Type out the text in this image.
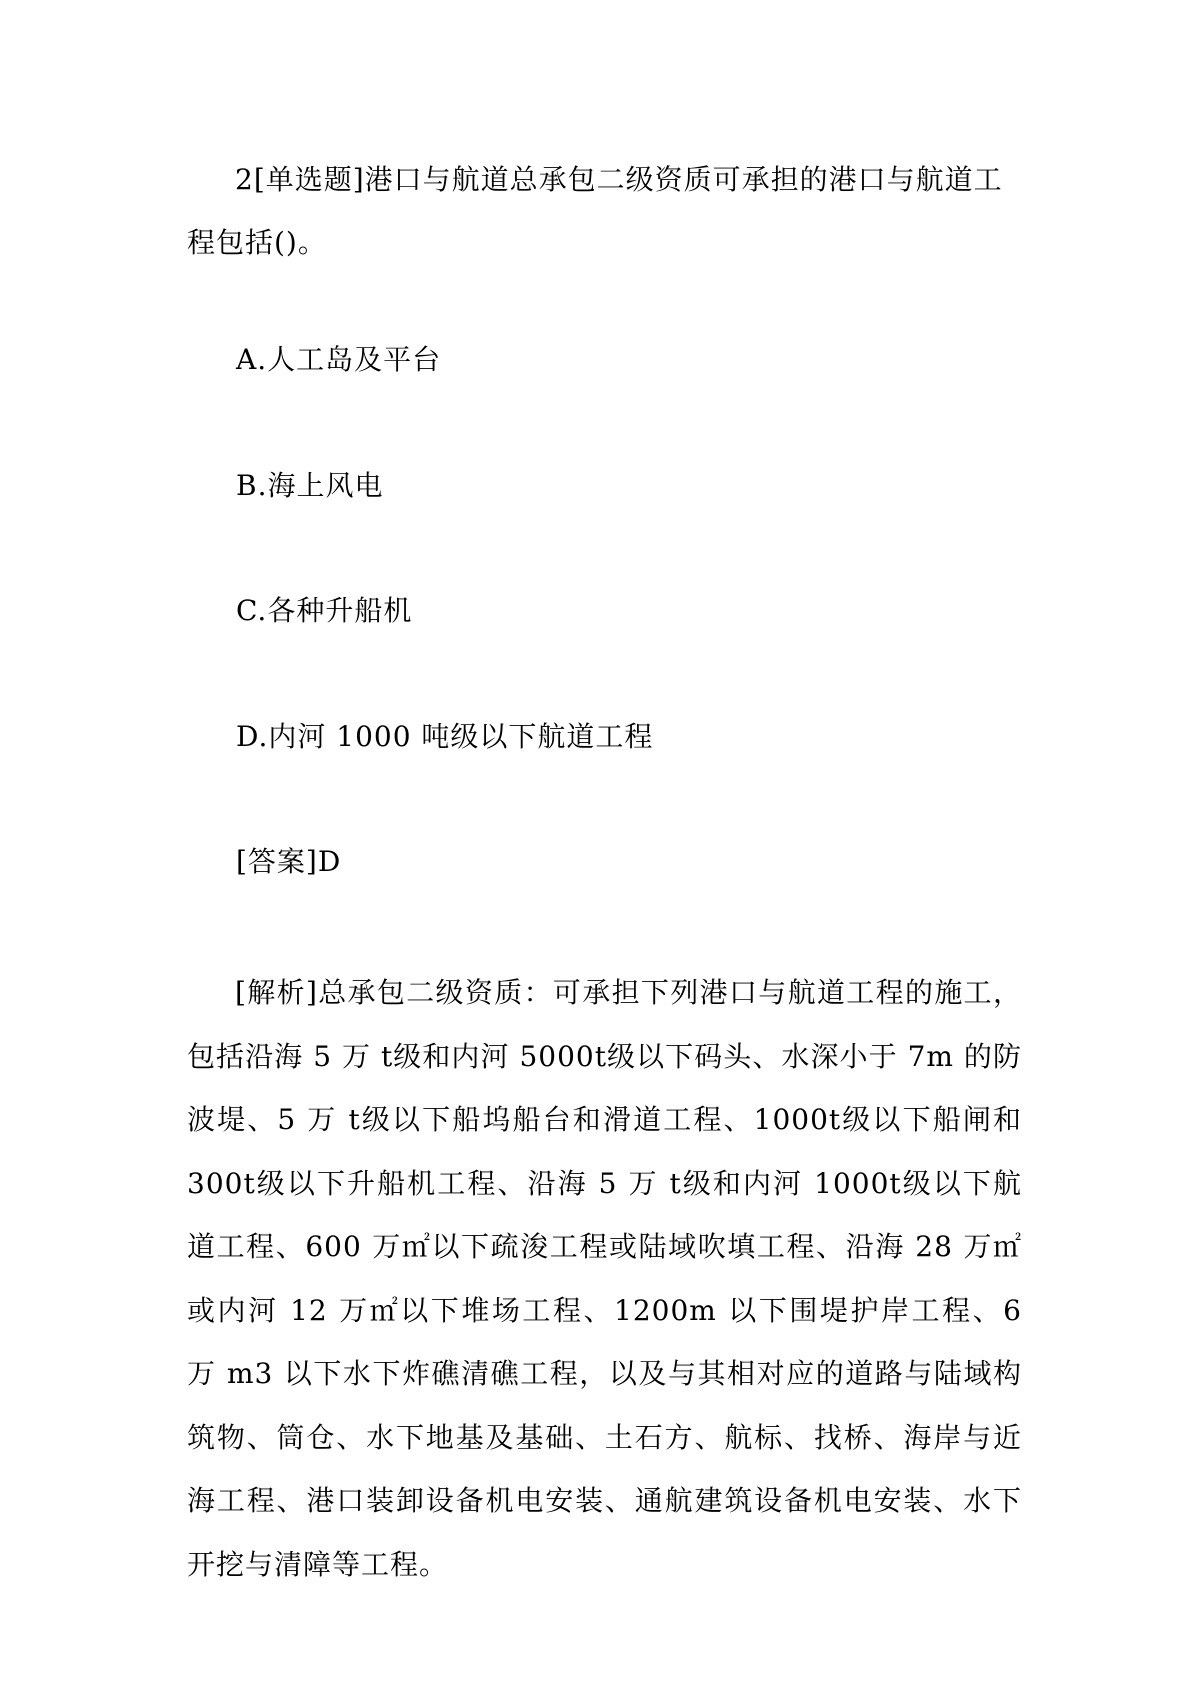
2[单选题]港口与航道总承包二级资质可承担的港口与航道工程包括()。

A.人工岛及平台

B.海上风电

C.各种升船机

D.内河 1000 吨级以下航道工程

[答案]D

[解析]总承包二级资质：可承担下列港口与航道工程的施工，包括沿海 5 万 t级和内河 5000t级以下码头、水深小于 7m 的防波堤、5 万 t级以下船坞船台和滑道工程、1000t级以下船闸和 300t级以下升船机工程、沿海 5 万 t级和内河 1000t级以下航道工程、600 万㎡以下疏浚工程或陆域吹填工程、沿海 28 万㎡或内河 12 万㎡以下堆场工程、1200m 以下围堤护岸工程、6 万 m3 以下水下炸礁清礁工程，以及与其相对应的道路与陆域构筑物、筒仓、水下地基及基础、土石方、航标、找桥、海岸与近海工程、港口装卸设备机电安装、通航建筑设备机电安装、水下开挖与清障等工程。
